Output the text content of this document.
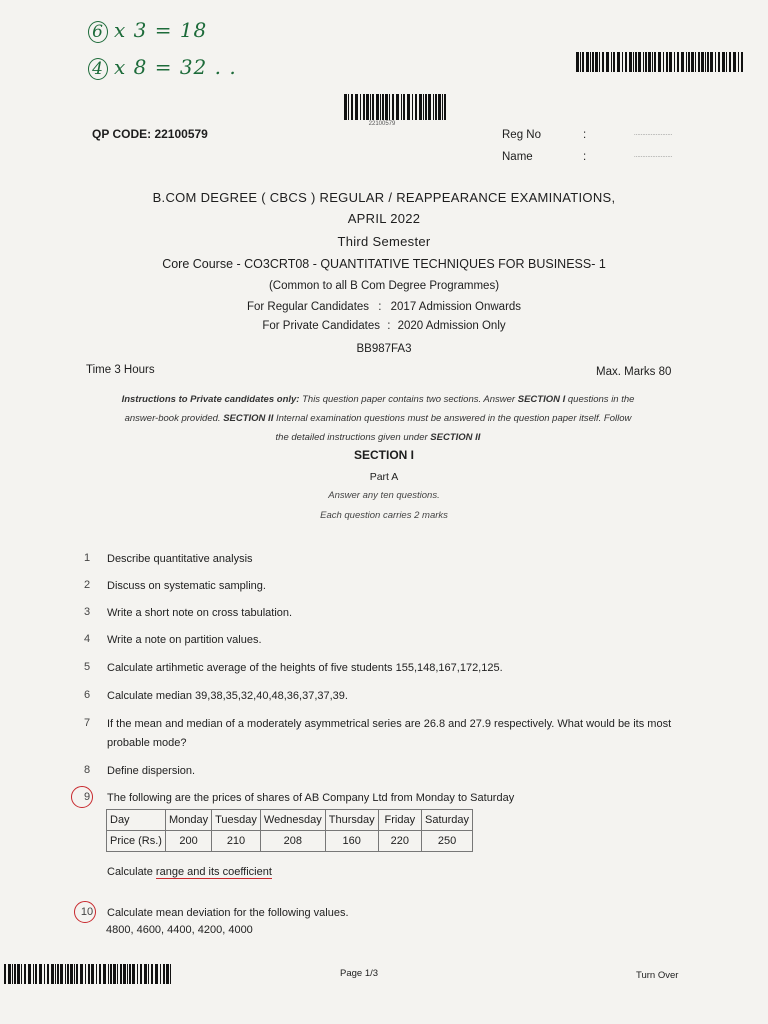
6 x 3 = 18
4 x 8 = 32 . .
22100579
QP CODE: 22100579	Reg No	:	.......................
Name	:	.......................
B.COM DEGREE ( CBCS ) REGULAR / REAPPEARANCE EXAMINATIONS,
APRIL 2022
Third Semester
Core Course - CO3CRT08 - QUANTITATIVE TECHNIQUES FOR BUSINESS- 1
(Common to all B Com Degree Programmes)
For Regular Candidates : 2017 Admission Onwards
For Private Candidates : 2020 Admission Only
BB987FA3
Time 3 Hours	Max. Marks 80
Instructions to Private candidates only: This question paper contains two sections. Answer SECTION I questions in the
answer-book provided. SECTION II Internal examination questions must be answered in the question paper itself. Follow
the detailed instructions given under SECTION II
SECTION I
Part A
Answer any ten questions.
Each question carries 2 marks
1	Describe quantitative analysis
2	Discuss on systematic sampling.
3	Write a short note on cross tabulation.
4	Write a note on partition values.
5	Calculate artihmetic average of the heights of five students 155,148,167,172,125.
6	Calculate median 39,38,35,32,40,48,36,37,37,39.
7	If the mean and median of a moderately asymmetrical series are 26.8 and 27.9 respectively. What would be its most probable mode?
8	Define dispersion.
9	The following are the prices of shares of AB Company Ltd from Monday to Saturday
10 Calculate mean deviation for the following values.
Day	Monday	Tuesday	Wednesday	Thursday	Friday	Saturday
Price (Rs.)	200	210	208	160	220	250
Calculate range and its coefficient
4800, 4600, 4400, 4200, 4000
Page 1/3	Turn Over
